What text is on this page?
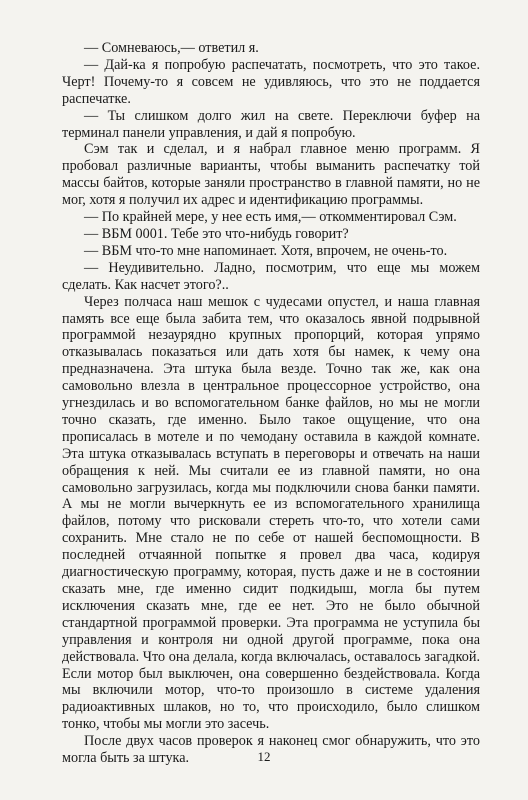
— Сомневаюсь,— ответил я.

— Дай-ка я попробую распечатать, посмотреть, что это такое. Черт! Почему-то я совсем не удивляюсь, что это не поддается распечатке.

— Ты слишком долго жил на свете. Переключи буфер на терминал панели управления, и дай я попробую.

Сэм так и сделал, и я набрал главное меню программ. Я пробовал различные варианты, чтобы выманить распечатку той массы байтов, которые заняли пространство в главной памяти, но не мог, хотя я получил их адрес и идентификацию программы.

— По крайней мере, у нее есть имя,— откомментировал Сэм.

— ВБМ 0001. Тебе это что-нибудь говорит?

— ВБМ что-то мне напоминает. Хотя, впрочем, не очень-то.

— Неудивительно. Ладно, посмотрим, что еще мы можем сделать. Как насчет этого?..

Через полчаса наш мешок с чудесами опустел, и наша главная память все еще была забита тем, что оказалось явной подрывной программой незаурядно крупных пропорций, которая упрямо отказывалась показаться или дать хотя бы намек, к чему она предназначена. Эта штука была везде. Точно так же, как она самовольно влезла в центральное процессорное устройство, она угнездилась и во вспомогательном банке файлов, но мы не могли точно сказать, где именно. Было такое ощущение, что она прописалась в мотеле и по чемодану оставила в каждой комнате. Эта штука отказывалась вступать в переговоры и отвечать на наши обращения к ней. Мы считали ее из главной памяти, но она самовольно загрузилась, когда мы подключили снова банки памяти. А мы не могли вычеркнуть ее из вспомогательного хранилища файлов, потому что рисковали стереть что-то, что хотели сами сохранить. Мне стало не по себе от нашей беспомощности. В последней отчаянной попытке я провел два часа, кодируя диагностическую программу, которая, пусть даже и не в состоянии сказать мне, где именно сидит подкидыш, могла бы путем исключения сказать мне, где ее нет. Это не было обычной стандартной программой проверки. Эта программа не уступила бы управления и контроля ни одной другой программе, пока она действовала. Что она делала, когда включалась, оставалось загадкой. Если мотор был выключен, она совершенно бездействовала. Когда мы включили мотор, что-то произошло в системе удаления радиоактивных шлаков, но то, что происходило, было слишком тонко, чтобы мы могли это засечь.

После двух часов проверок я наконец смог обнаружить, что это могла быть за штука.	12
